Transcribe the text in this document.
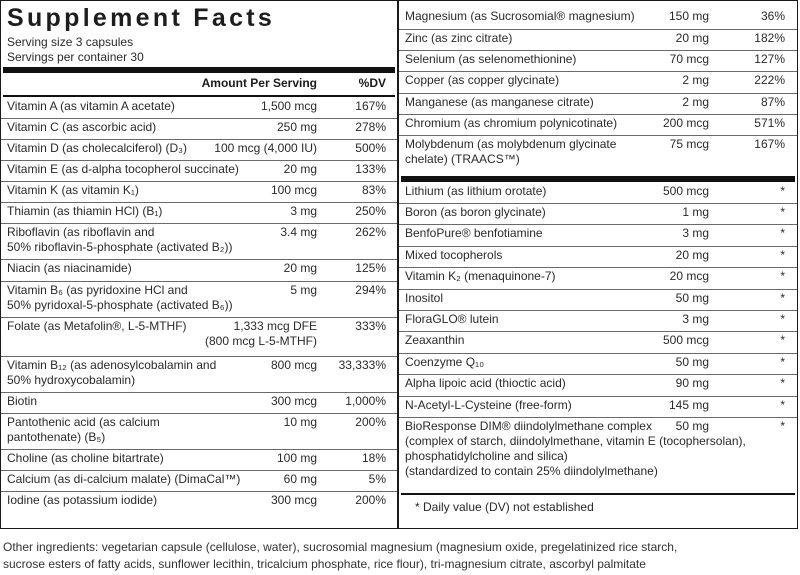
Supplement Facts
Serving size 3 capsules
Servings per container 30
Amount Per Serving	%DV
Vitamin A (as vitamin A acetate)	1,500 mcg	167%
Vitamin C (as ascorbic acid)	250 mg	278%
Vitamin D (as cholecalciferol) (D₃) 100 mcg (4,000 IU)	500%
Vitamin E (as d-alpha tocopherol succinate)	20 mg	133%
Vitamin K (as vitamin K₁)	100 mcg	83%
Thiamin (as thiamin HCl) (B₁)	3 mg	250%
Riboflavin (as riboflavin and
50% riboflavin-5-phosphate (activated B₂))
3.4 mg	262%
Niacin (as niacinamide)	20 mg	125%
Vitamin B₆ (as pyridoxine HCl and
50% pyridoxal-5-phosphate (activated B₆))
5 mg	294%
Folate (as Metafolin®, L-5-MTHF)	1,333 mcg DFE
(800 mcg L-5-MTHF)
333%
Vitamin B₁₂ (as adenosylcobalamin and
50% hydroxycobalamin)
800 mcg 33,333%
Biotin	300 mcg 1,000%
Pantothenic acid (as calcium
pantothenate) (B₅)
10 mg	200%
Choline (as choline bitartrate)	100 mg	18%
Calcium (as di-calcium malate) (DimaCal™)	60 mg	5%
Iodine (as potassium iodide)	300 mcg	200%
Magnesium (as Sucrosomial® magnesium)	150 mg	36%
Zinc (as zinc citrate)	20 mg	182%
Selenium (as selenomethionine)	70 mcg	127%
Copper (as copper glycinate)	2 mg	222%
Manganese (as manganese citrate)	2 mg	87%
Chromium (as chromium polynicotinate)	200 mcg	571%
Molybdenum (as molybdenum glycinate
chelate) (TRAACS™)
75 mcg	167%
Lithium (as lithium orotate)	500 mcg	*
Boron (as boron glycinate)	1 mg	*
BenfoPure® benfotiamine	3 mg	*
Mixed tocopherols	20 mg	*
Vitamin K₂ (menaquinone-7)	20 mcg	*
Inositol	50 mg	*
FloraGLO® lutein	3 mg	*
Zeaxanthin	500 mcg	*
Coenzyme Q₁₀	50 mg	*
Alpha lipoic acid (thioctic acid)	90 mg	*
N-Acetyl-L-Cysteine (free-form)	145 mg	*
BioResponse DIM® diindolylmethane complex
(complex of starch, diindolylmethane, vitamin E (tocophersolan),
phosphatidylcholine and silica)
(standardized to contain 25% diindolylmethane)
50 mg	*
* Daily value (DV) not established
Other ingredients: vegetarian capsule (cellulose, water), sucrosomial magnesium (magnesium oxide, pregelatinized rice starch,
sucrose esters of fatty acids, sunflower lecithin, tricalcium phosphate, rice flour), tri-magnesium citrate, ascorbyl palmitate
